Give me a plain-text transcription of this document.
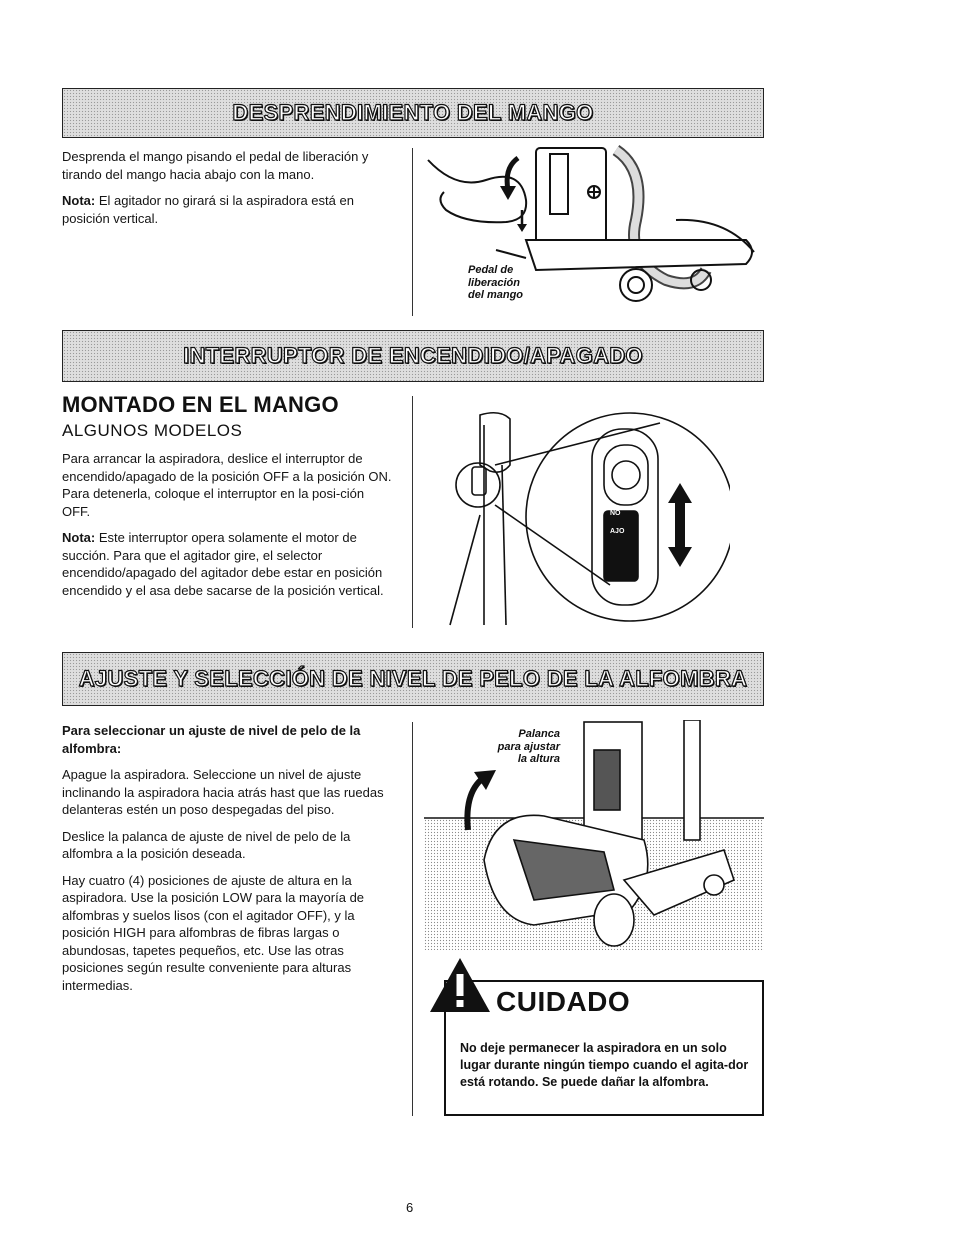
DESPRENDIMIENTO DEL MANGO

Desprenda el mango pisando el pedal de liberación y tirando del mango hacia abajo con la mano.

Nota: El agitador no girará si la aspiradora está en posición vertical.

Pedal de
liberación
del mango
INTERRUPTOR DE ENCENDIDO/APAGADO
MONTADO EN EL MANGO
ALGUNOS MODELOS

Para arrancar la aspiradora, deslice el interruptor de encendido/apagado de la posición OFF a la posición ON. Para detenerla, coloque el interruptor en la posi-ción OFF.

Nota: Este interruptor opera solamente el motor de succión. Para que el agitador gire, el selector encendido/apagado del agitador debe estar en posición encendido y el asa debe sacarse de la posición vertical.

NO
AJO
AJUSTE Y SELECCIÓN DE NIVEL DE PELO DE LA ALFOMBRA

Para seleccionar un ajuste de nivel de pelo de la alfombra:

Apague la aspiradora. Seleccione un nivel de ajuste inclinando la aspiradora hacia atrás hast que las ruedas delanteras estén un poso despegadas del piso.

Deslice la palanca de ajuste de nivel de pelo de la alfombra a la posición deseada.

Hay cuatro (4) posiciones de ajuste de altura en la aspiradora. Use la posición LOW para la mayoría de alfombras y suelos lisos (con el agitador OFF), y la posición HIGH para alfombras de fibras largas o abundosas, tapetes pequeños, etc. Use las otras posiciones según resulte conveniente para alturas intermedias.

Palanca
para ajustar
la altura
CUIDADO
No deje permanecer la aspiradora en un solo lugar durante ningún tiempo cuando el agita-dor está rotando. Se puede dañar la alfombra.
6
